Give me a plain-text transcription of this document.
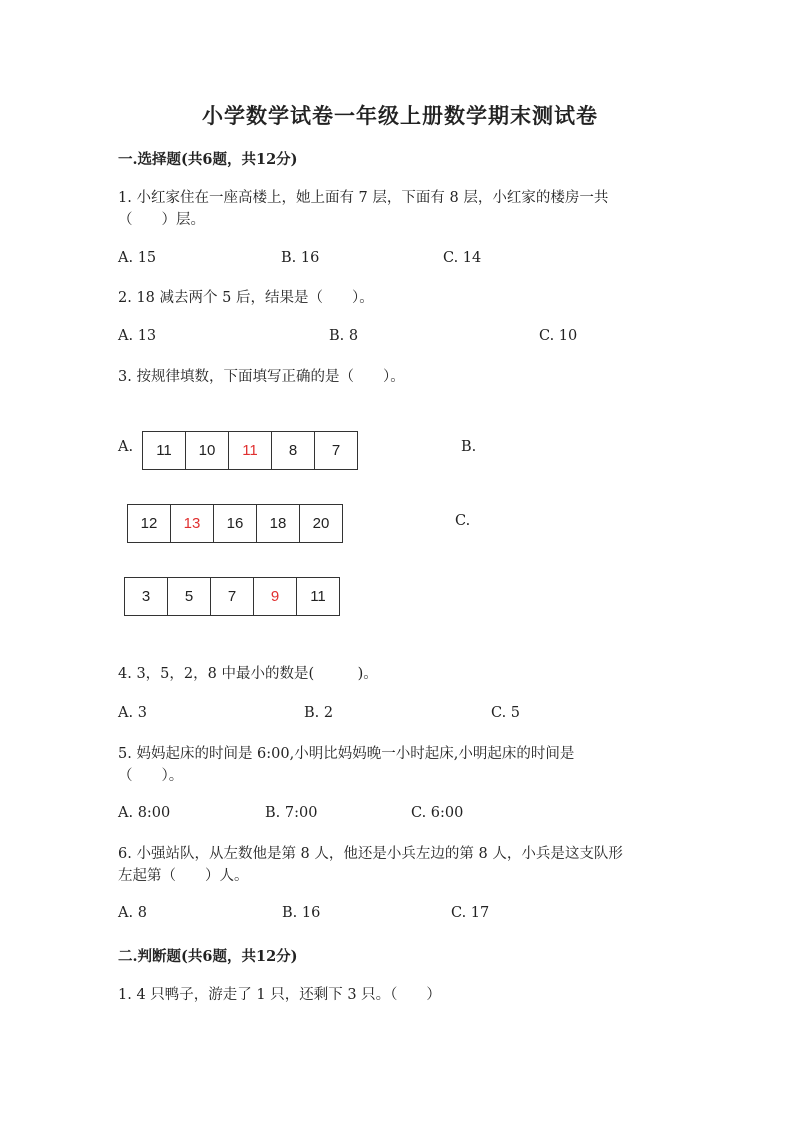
小学数学试卷一年级上册数学期末测试卷
一.选择题(共6题，共12分)
1. 小红家住在一座高楼上，她上面有 7 层，下面有 8 层，小红家的楼房一共
（　　）层。
A. 15	B. 16	C. 14
2. 18 减去两个 5 后，结果是（　　）。
A. 13	B. 8	C. 10
3. 按规律填数，下面填写正确的是（　　）。
A.	B.
C.
11	10	11	8	7
12	13	16	18	20
3	5	7	9	11
4. 3，5，2，8 中最小的数是(　　　)。
A. 3	B. 2	C. 5
5. 妈妈起床的时间是 6:00,小明比妈妈晚一小时起床,小明起床的时间是
（　　）。
A. 8:00	B. 7:00	C. 6:00
6. 小强站队，从左数他是第 8 人，他还是小兵左边的第 8 人，小兵是这支队形
左起第（　　）人。
A. 8	B. 16	C. 17
二.判断题(共6题，共12分)
1. 4 只鸭子，游走了 1 只，还剩下 3 只。（　　）
